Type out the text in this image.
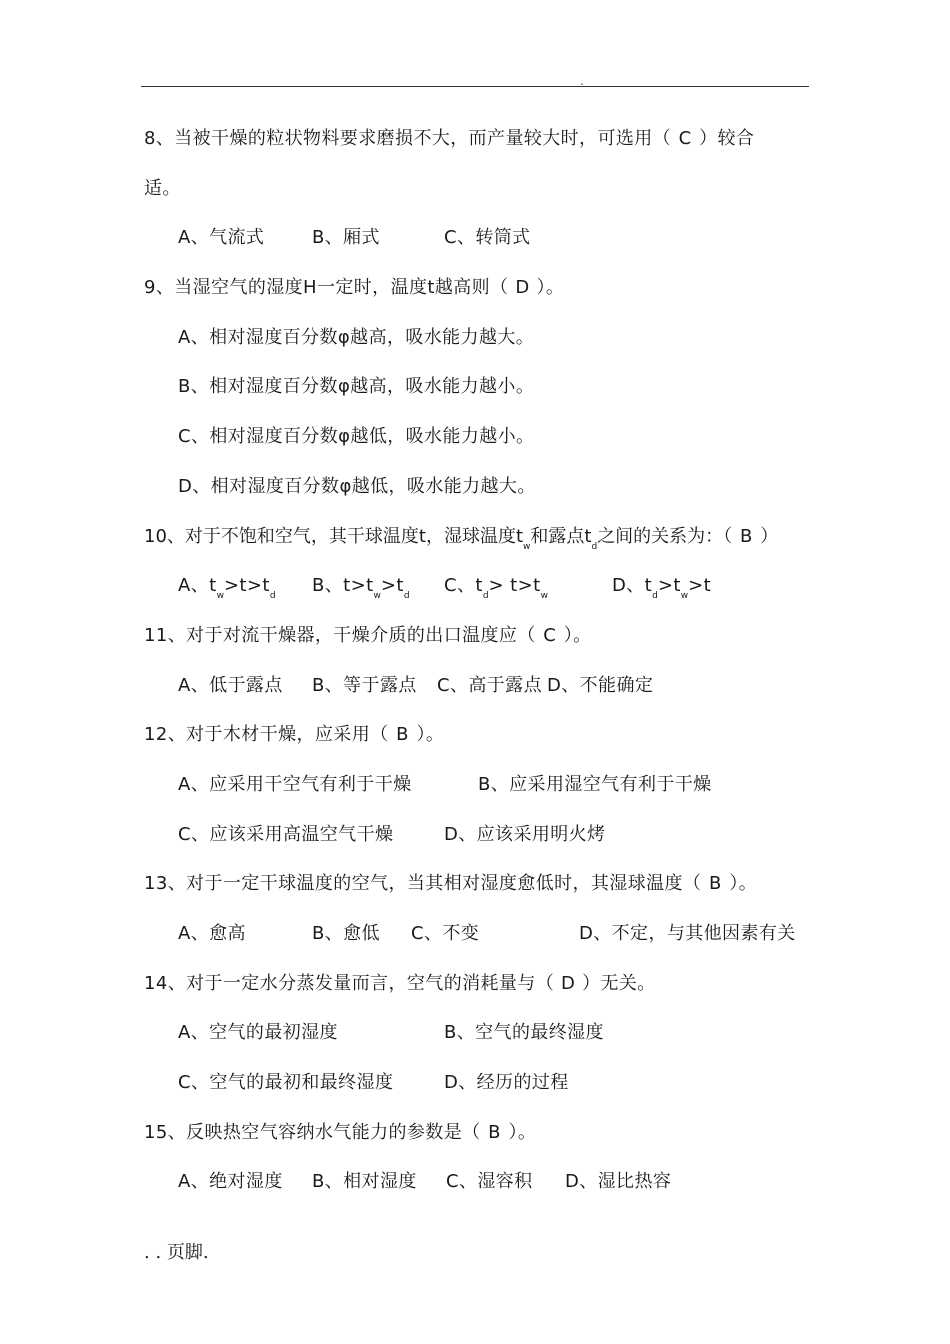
.
8、当被干燥的粒状物料要求磨损不大，而产量较大时，可选用（ C ）较合
适。
A、气流式	B、厢式	C、转筒式
9、当湿空气的湿度H一定时，温度t越高则（ D ）。
A、相对湿度百分数φ越高，吸水能力越大。
B、相对湿度百分数φ越高，吸水能力越小。
C、相对湿度百分数φ越低，吸水能力越小。
D、相对湿度百分数φ越低，吸水能力越大。
10、对于不饱和空气，其干球温度t，湿球温度$t_w$和露点$t_d$之间的关系为：（ B ）
A、$t_w>t>t_d$ B、$t>t_w>t_d$ C、$t_d> t>t_w$	D、$t_d>t_w>t$
11、对于对流干燥器，干燥介质的出口温度应（ C ）。
A、低于露点 B、等于露点 C、高于露点 D、不能确定
12、对于木材干燥，应采用（ B ）。
A、应采用干空气有利于干燥	B、应采用湿空气有利于干燥
C、应该采用高温空气干燥	D、应该采用明火烤
13、对于一定干球温度的空气，当其相对湿度愈低时，其湿球温度（ B ）。
A、愈高	B、愈低 C、不变	D、不定，与其他因素有关
14、对于一定水分蒸发量而言，空气的消耗量与（ D ）无关。
A、空气的最初湿度	B、空气的最终湿度
C、空气的最初和最终湿度	D、经历的过程
15、反映热空气容纳水气能力的参数是（ B ）。
A、绝对湿度 B、相对湿度 C、湿容积 D、湿比热容
. . 页脚.
